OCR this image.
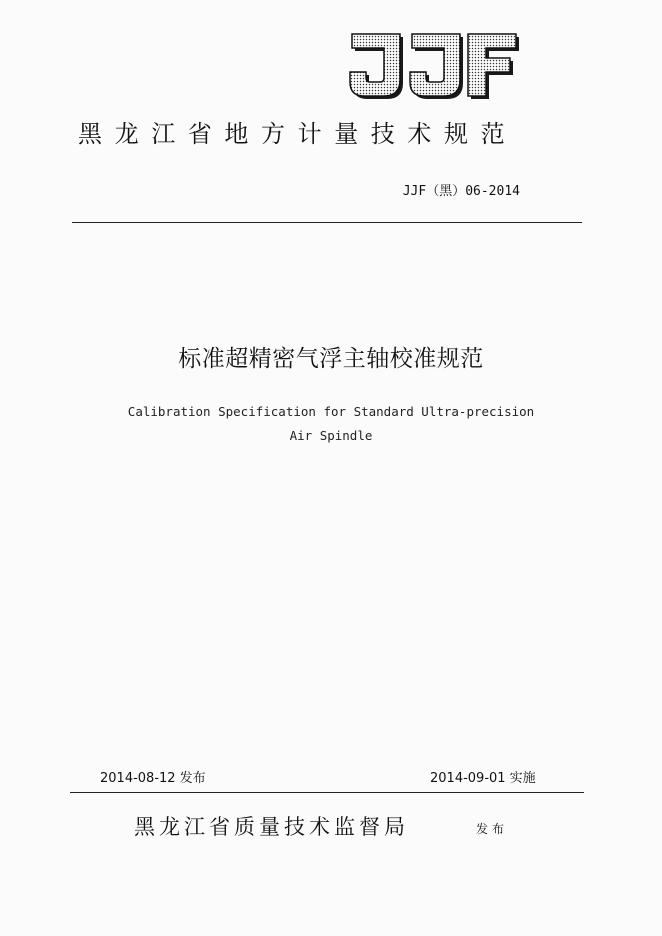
黑龙江省地方计量技术规范
JJF（黑）06-2014
标准超精密气浮主轴校准规范
Calibration Specification for Standard Ultra-precision
Air Spindle
2014-08-12 发布	2014-09-01 实施
黑龙江省质量技术监督局	发布
